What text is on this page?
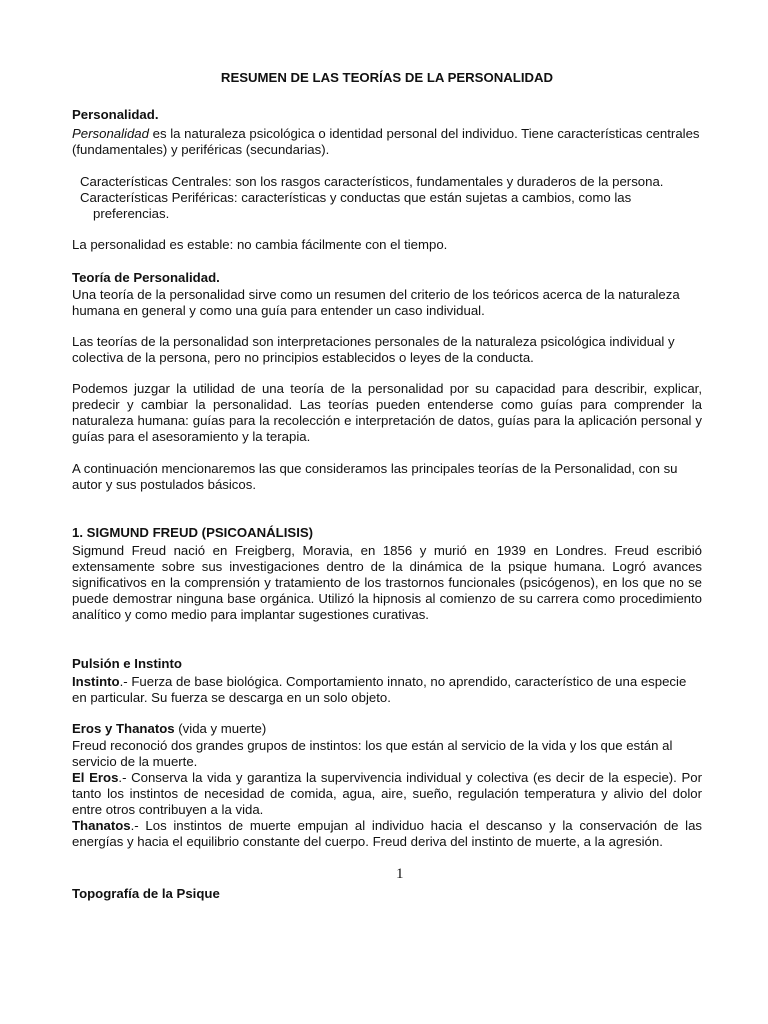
RESUMEN DE LAS TEORÍAS DE LA PERSONALIDAD
Personalidad.

Personalidad es la naturaleza psicológica o identidad personal del individuo. Tiene características centrales (fundamentales) y periféricas (secundarias).

Características Centrales: son los rasgos característicos, fundamentales y duraderos de la persona.
Características Periféricas: características y conductas que están sujetas a cambios, como las
preferencias.
La personalidad es estable: no cambia fácilmente con el tiempo.
Teoría de Personalidad.

Una teoría de la personalidad sirve como un resumen del criterio de los teóricos acerca de la naturaleza humana en general y como una guía para entender un caso individual.

Las teorías de la personalidad son interpretaciones personales de la naturaleza psicológica individual y colectiva de la persona, pero no principios establecidos o leyes de la conducta.

Podemos juzgar la utilidad de una teoría de la personalidad por su capacidad para describir, explicar, predecir y cambiar la personalidad. Las teorías pueden entenderse como guías para comprender la naturaleza humana: guías para la recolección e interpretación de datos, guías para la aplicación personal y guías para el asesoramiento y la terapia.

A continuación mencionaremos las que consideramos las principales teorías de la Personalidad, con su autor y sus postulados básicos.

1. SIGMUND FREUD (PSICOANÁLISIS)

Sigmund Freud nació en Freigberg, Moravia, en 1856 y murió en 1939 en Londres. Freud escribió extensamente sobre sus investigaciones dentro de la dinámica de la psique humana. Logró avances significativos en la comprensión y tratamiento de los trastornos funcionales (psicógenos), en los que no se puede demostrar ninguna base orgánica. Utilizó la hipnosis al comienzo de su carrera como procedimiento analítico y como medio para implantar sugestiones curativas.

Pulsión e Instinto

Instinto.- Fuerza de base biológica. Comportamiento innato, no aprendido, característico de una especie en particular. Su fuerza se descarga en un solo objeto.

Eros y Thanatos (vida y muerte)

Freud reconoció dos grandes grupos de instintos: los que están al servicio de la vida y los que están al servicio de la muerte.

El Eros.- Conserva la vida y garantiza la supervivencia individual y colectiva (es decir de la especie). Por tanto los instintos de necesidad de comida, agua, aire, sueño, regulación temperatura y alivio del dolor entre otros contribuyen a la vida.

Thanatos.- Los instintos de muerte empujan al individuo hacia el descanso y la conservación de las energías y hacia el equilibrio constante del cuerpo. Freud deriva del instinto de muerte, a la agresión.

1
Topografía de la Psique
